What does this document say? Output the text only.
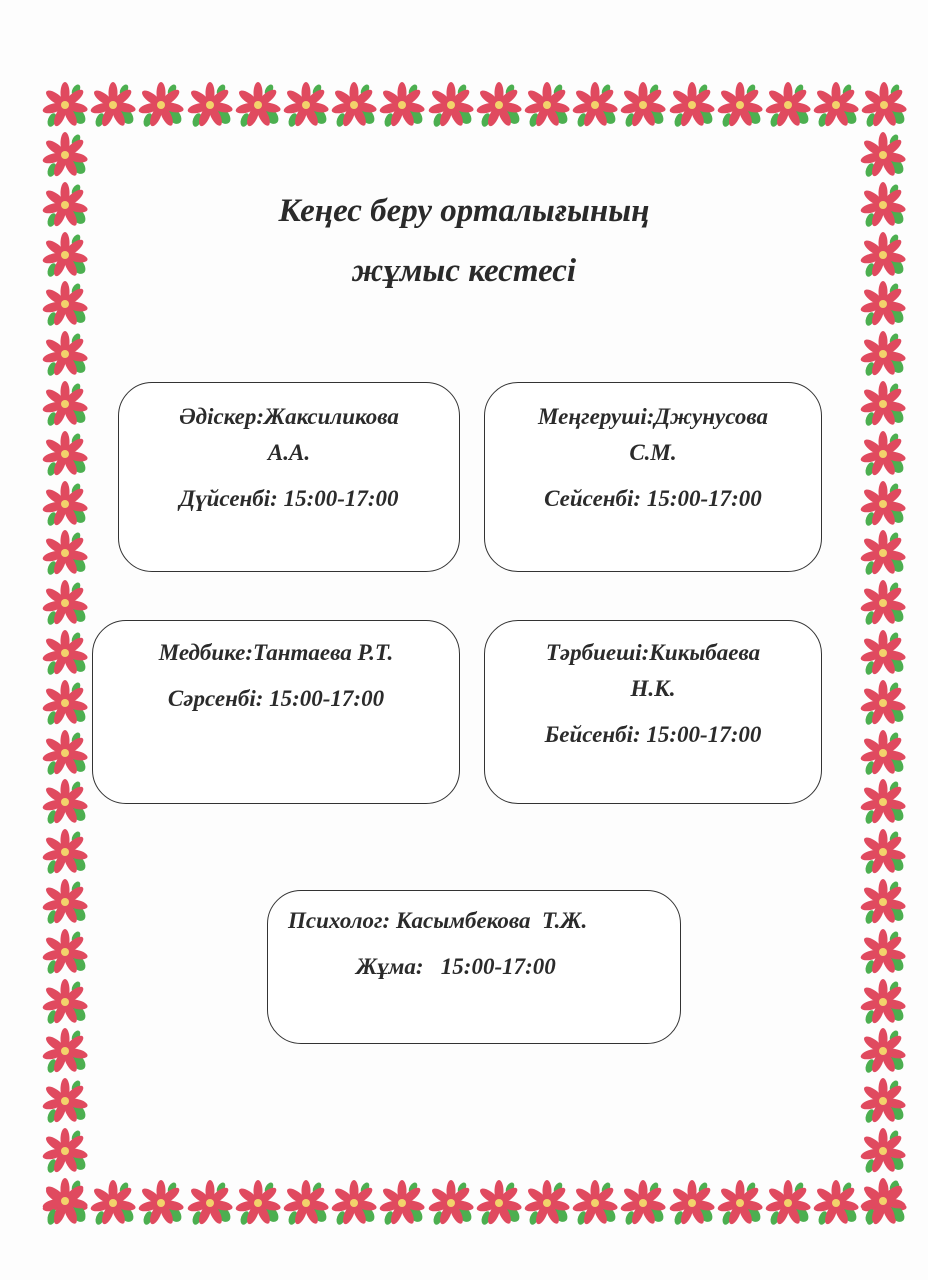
Кеңес беру орталығының
жұмыс кестесі

Әдіскер:Жаксиликова

А.А.

Дүйсенбі: 15:00-17:00

Меңгеруші:Джунусова

С.М.

Сейсенбі: 15:00-17:00

Медбике:Тантаева Р.Т.

Сәрсенбі: 15:00-17:00

Тәрбиеші:Кикыбаева

Н.К.

Бейсенбі: 15:00-17:00

Психолог: Касымбекова  Т.Ж.

Жұма:   15:00-17:00
